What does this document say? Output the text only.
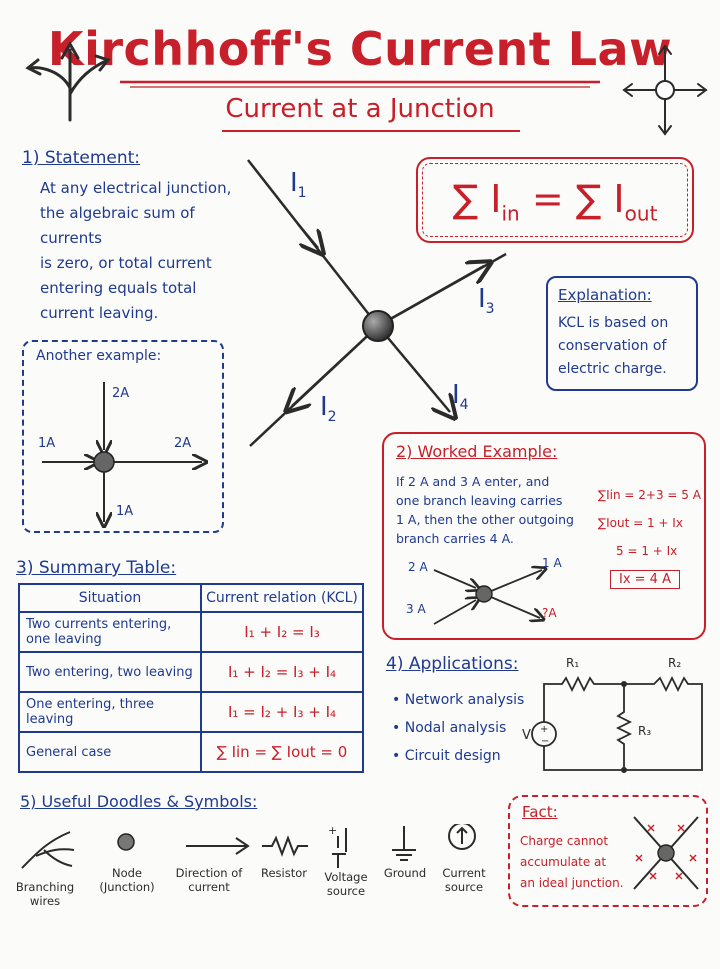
Kirchhoff's Current Law
Current at a Junction
1) Statement:
At any electrical junction,
the algebraic sum of currents
is zero, or total current
entering equals total
current leaving.
$I_1$
$I_3$
$I_2$
$I_4$
∑ $I_{in}$ = ∑ $I_{out}$
Explanation:
KCL is based on
conservation of
electric charge.
Another example:
2A
1A	2A
1A
2) Worked Example:
If 2 A and 3 A enter, and
one branch leaving carries
1 A, then the other outgoing
branch carries 4 A.
∑Iin = 2+3 = 5 A
∑Iout = 1 + Ix
5 = 1 + Ix
Ix = 4 A
2 A
3 A
1 A
?A
3) Summary Table:
Situation	Current relation (KCL)
Two currents entering, one leaving	I₁ + I₂ = I₃
Two entering, two leaving	I₁ + I₂ = I₃ + I₄
One entering, three leaving	I₁ = I₂ + I₃ + I₄
General case	∑ Iin = ∑ Iout = 0
4) Applications:
• Network analysis
• Nodal analysis
• Circuit design
+
−
R₁	R₂
R₃
V
5) Useful Doodles & Symbols:
+
Branching wires
Node (Junction)
Direction of current
Resistor	Voltage source
Ground	Current source
Fact:
Charge cannot
accumulate at
an ideal junction.
